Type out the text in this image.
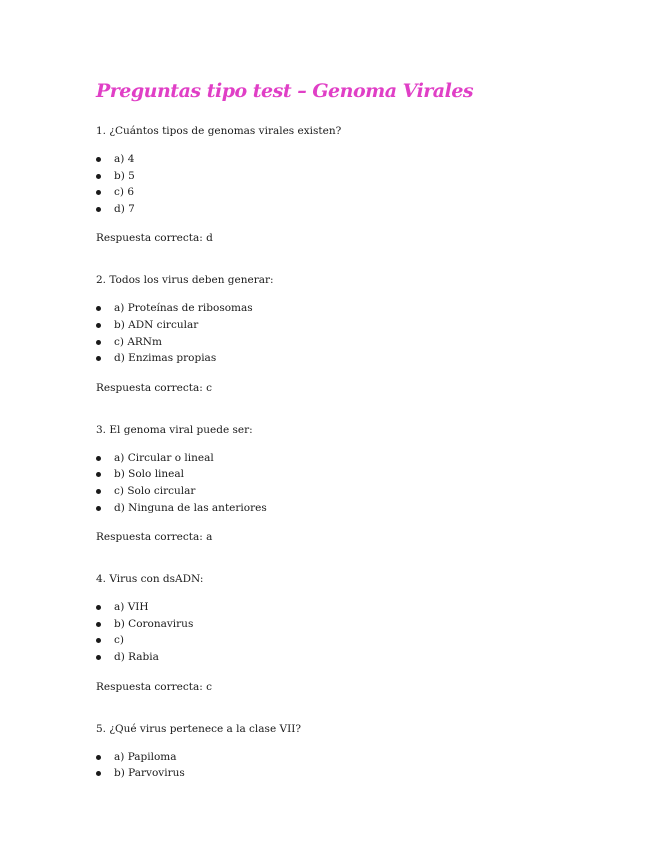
Preguntas tipo test – Genoma Virales

1. ¿Cuántos tipos de genomas virales existen?

a) 4
b) 5
c) 6
d) 7

Respuesta correcta: d

2. Todos los virus deben generar:

a) Proteínas de ribosomas
b) ADN circular
c) ARNm
d) Enzimas propias

Respuesta correcta: c

3. El genoma viral puede ser:

a) Circular o lineal
b) Solo lineal
c) Solo circular
d) Ninguna de las anteriores

Respuesta correcta: a

4. Virus con dsADN:

a) VIH
b) Coronavirus
c)
d) Rabia

Respuesta correcta: c

5. ¿Qué virus pertenece a la clase VII?

a) Papiloma
b) Parvovirus
